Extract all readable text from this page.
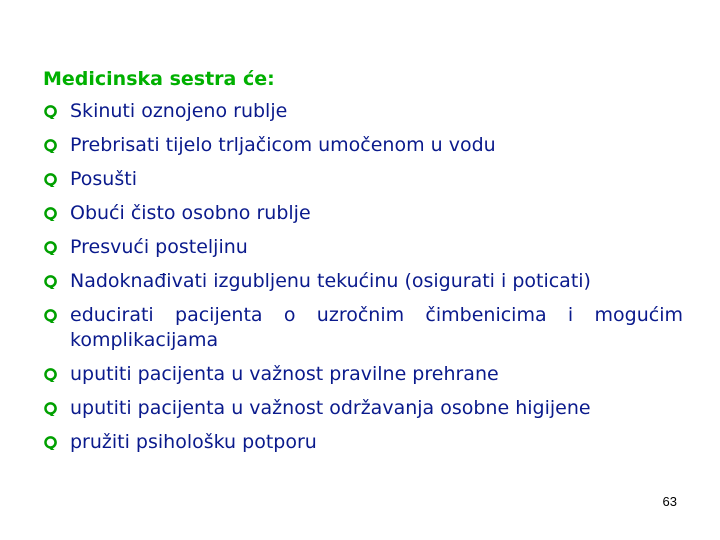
Medicinska sestra će:
Skinuti oznojeno rublje
Prebrisati tijelo trljačicom umočenom u vodu
Posušti
Obući čisto osobno rublje
Presvući posteljinu
Nadoknađivati izgubljenu tekućinu (osigurati i poticati)
educirati pacijenta o uzročnim čimbenicima i mogućim komplikacijama
uputiti pacijenta u važnost pravilne prehrane
uputiti pacijenta u važnost održavanja osobne higijene
pružiti psihološku potporu
63
